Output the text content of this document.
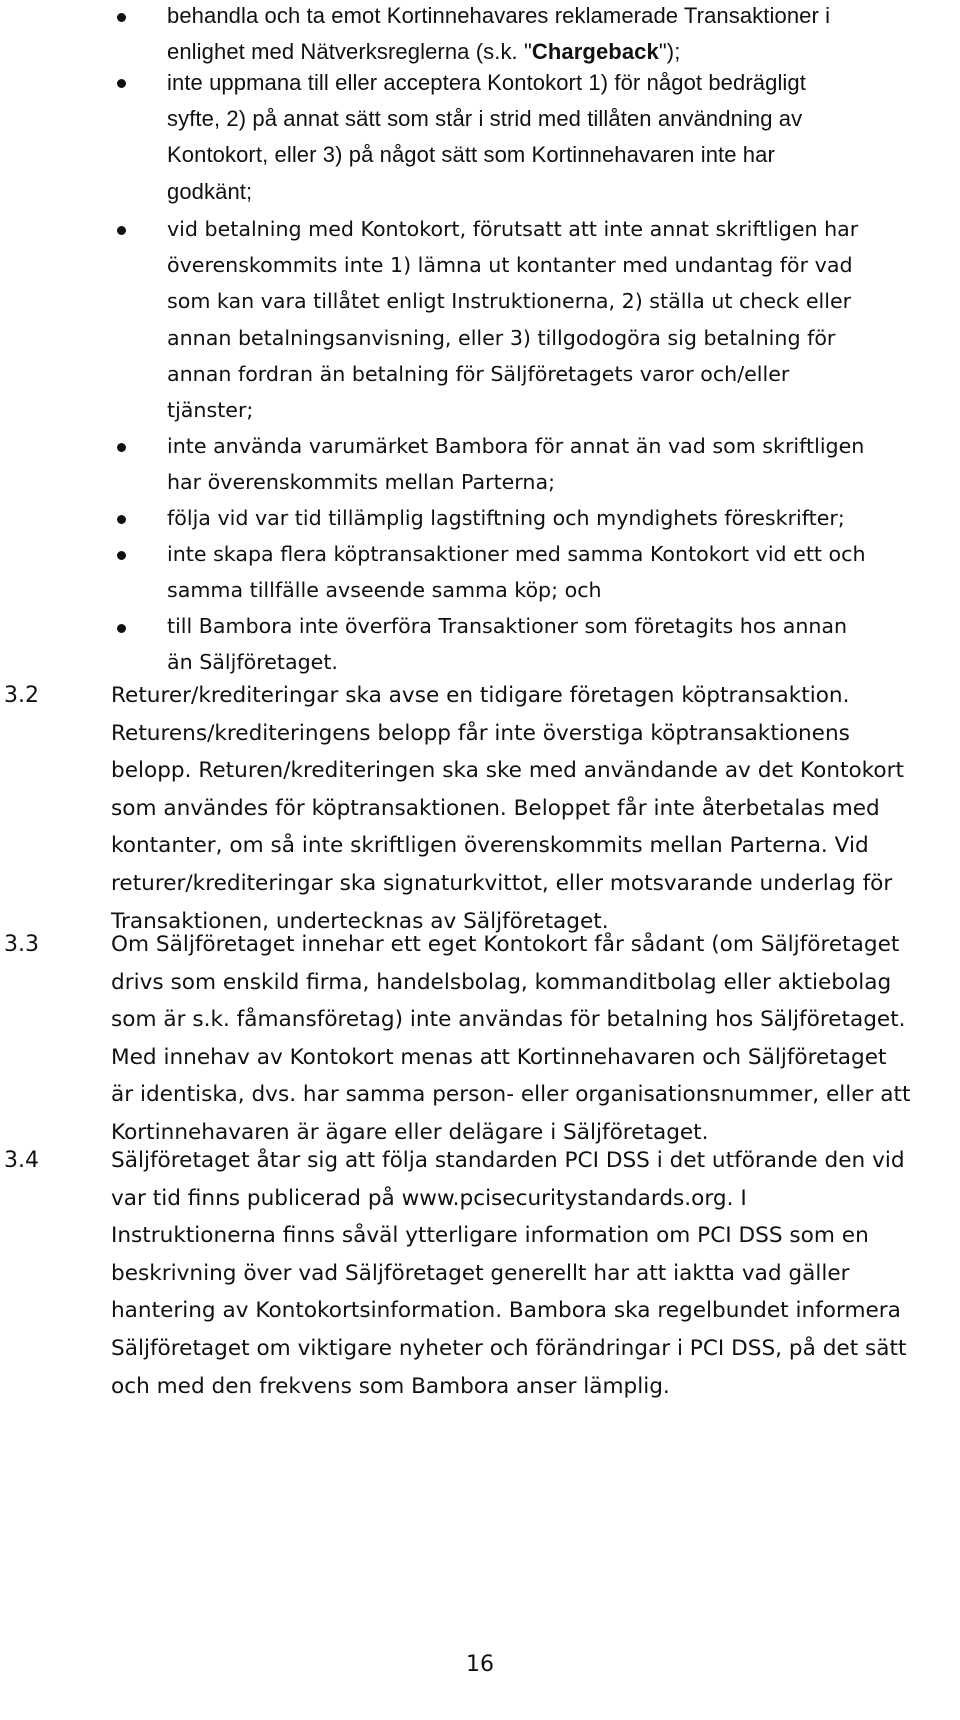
behandla och ta emot Kortinnehavares reklamerade Transaktioner i
enlighet med Nätverksreglerna (s.k. "Chargeback");
inte uppmana till eller acceptera Kontokort 1) för något bedrägligt
syfte, 2) på annat sätt som står i strid med tillåten användning av
Kontokort, eller 3) på något sätt som Kortinnehavaren inte har
godkänt;
vid betalning med Kontokort, förutsatt att inte annat skriftligen har
överenskommits inte 1) lämna ut kontanter med undantag för vad
som kan vara tillåtet enligt Instruktionerna, 2) ställa ut check eller
annan betalningsanvisning, eller 3) tillgodogöra sig betalning för
annan fordran än betalning för Säljföretagets varor och/eller
tjänster;
inte använda varumärket Bambora för annat än vad som skriftligen
har överenskommits mellan Parterna;
följa vid var tid tillämplig lagstiftning och myndighets föreskrifter;
inte skapa flera köptransaktioner med samma Kontokort vid ett och
samma tillfälle avseende samma köp; och
till Bambora inte överföra Transaktioner som företagits hos annan
än Säljföretaget.
3.2	Returer/krediteringar ska avse en tidigare företagen köptransaktion.
Returens/krediteringens belopp får inte överstiga köptransaktionens
belopp. Returen/krediteringen ska ske med användande av det Kontokort
som användes för köptransaktionen. Beloppet får inte återbetalas med
kontanter, om så inte skriftligen överenskommits mellan Parterna. Vid
returer/krediteringar ska signaturkvittot, eller motsvarande underlag för
Transaktionen, undertecknas av Säljföretaget.
3.3	Om Säljföretaget innehar ett eget Kontokort får sådant (om Säljföretaget
drivs som enskild firma, handelsbolag, kommanditbolag eller aktiebolag
som är s.k. fåmansföretag) inte användas för betalning hos Säljföretaget.
Med innehav av Kontokort menas att Kortinnehavaren och Säljföretaget
är identiska, dvs. har samma person- eller organisationsnummer, eller att
Kortinnehavaren är ägare eller delägare i Säljföretaget.
3.4	Säljföretaget åtar sig att följa standarden PCI DSS i det utförande den vid
var tid finns publicerad på www.pcisecuritystandards.org. I
Instruktionerna finns såväl ytterligare information om PCI DSS som en
beskrivning över vad Säljföretaget generellt har att iaktta vad gäller
hantering av Kontokortsinformation. Bambora ska regelbundet informera
Säljföretaget om viktigare nyheter och förändringar i PCI DSS, på det sätt
och med den frekvens som Bambora anser lämplig.
16
